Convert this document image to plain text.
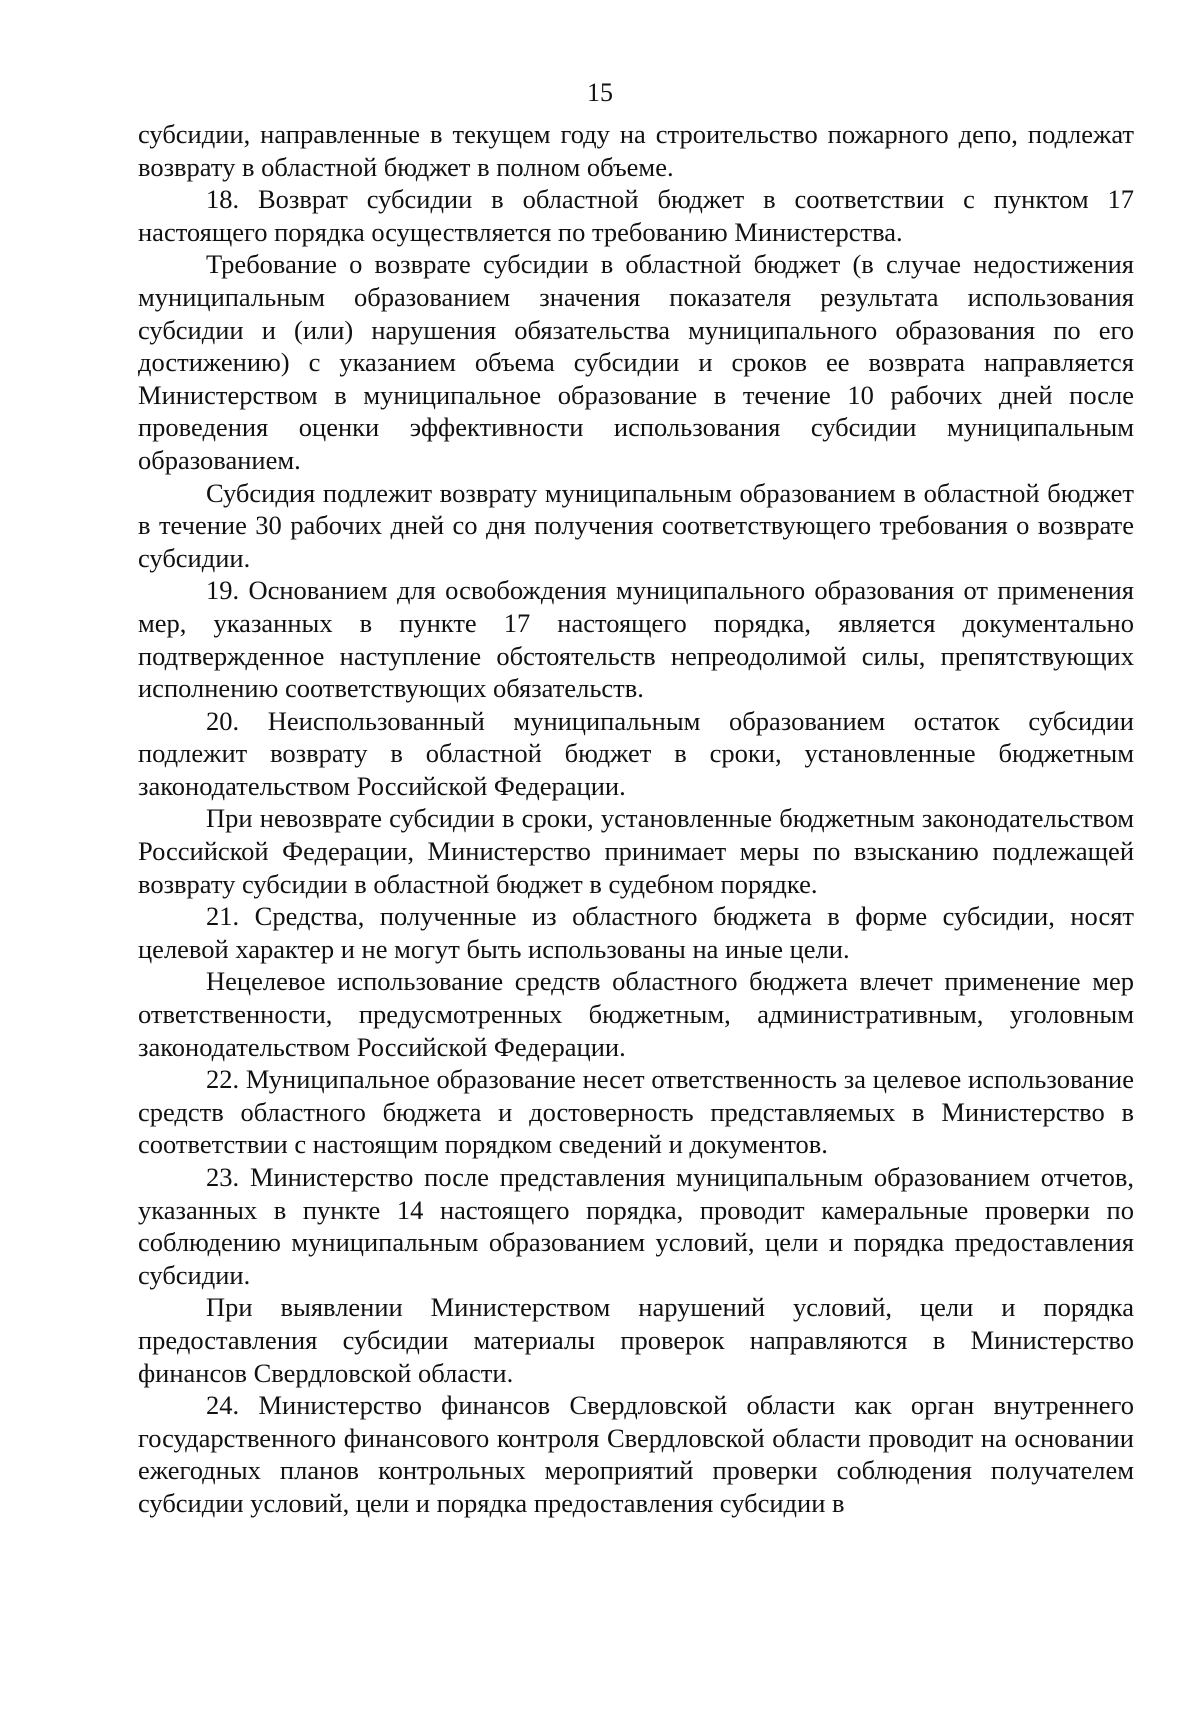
15

субсидии, направленные в текущем году на строительство пожарного депо, подлежат возврату в областной бюджет в полном объеме.

18. Возврат субсидии в областной бюджет в соответствии с пунктом 17 настоящего порядка осуществляется по требованию Министерства.

Требование о возврате субсидии в областной бюджет (в случае недостижения муниципальным образованием значения показателя результата использования субсидии и (или) нарушения обязательства муниципального образования по его достижению) с указанием объема субсидии и сроков ее возврата направляется Министерством в муниципальное образование в течение 10 рабочих дней после проведения оценки эффективности использования субсидии муниципальным образованием.

Субсидия подлежит возврату муниципальным образованием в областной бюджет в течение 30 рабочих дней со дня получения соответствующего требования о возврате субсидии.

19. Основанием для освобождения муниципального образования от применения мер, указанных в пункте 17 настоящего порядка, является документально подтвержденное наступление обстоятельств непреодолимой силы, препятствующих исполнению соответствующих обязательств.

20. Неиспользованный муниципальным образованием остаток субсидии подлежит возврату в областной бюджет в сроки, установленные бюджетным законодательством Российской Федерации.

При невозврате субсидии в сроки, установленные бюджетным законодательством Российской Федерации, Министерство принимает меры по взысканию подлежащей возврату субсидии в областной бюджет в судебном порядке.

21. Средства, полученные из областного бюджета в форме субсидии, носят целевой характер и не могут быть использованы на иные цели.

Нецелевое использование средств областного бюджета влечет применение мер ответственности, предусмотренных бюджетным, административным, уголовным законодательством Российской Федерации.

22. Муниципальное образование несет ответственность за целевое использование средств областного бюджета и достоверность представляемых в Министерство в соответствии с настоящим порядком сведений и документов.

23. Министерство после представления муниципальным образованием отчетов, указанных в пункте 14 настоящего порядка, проводит камеральные проверки по соблюдению муниципальным образованием условий, цели и порядка предоставления субсидии.

При выявлении Министерством нарушений условий, цели и порядка предоставления субсидии материалы проверок направляются в Министерство финансов Свердловской области.

24. Министерство финансов Свердловской области как орган внутреннего государственного финансового контроля Свердловской области проводит на основании ежегодных планов контрольных мероприятий проверки соблюдения получателем субсидии условий, цели и порядка предоставления субсидии в
